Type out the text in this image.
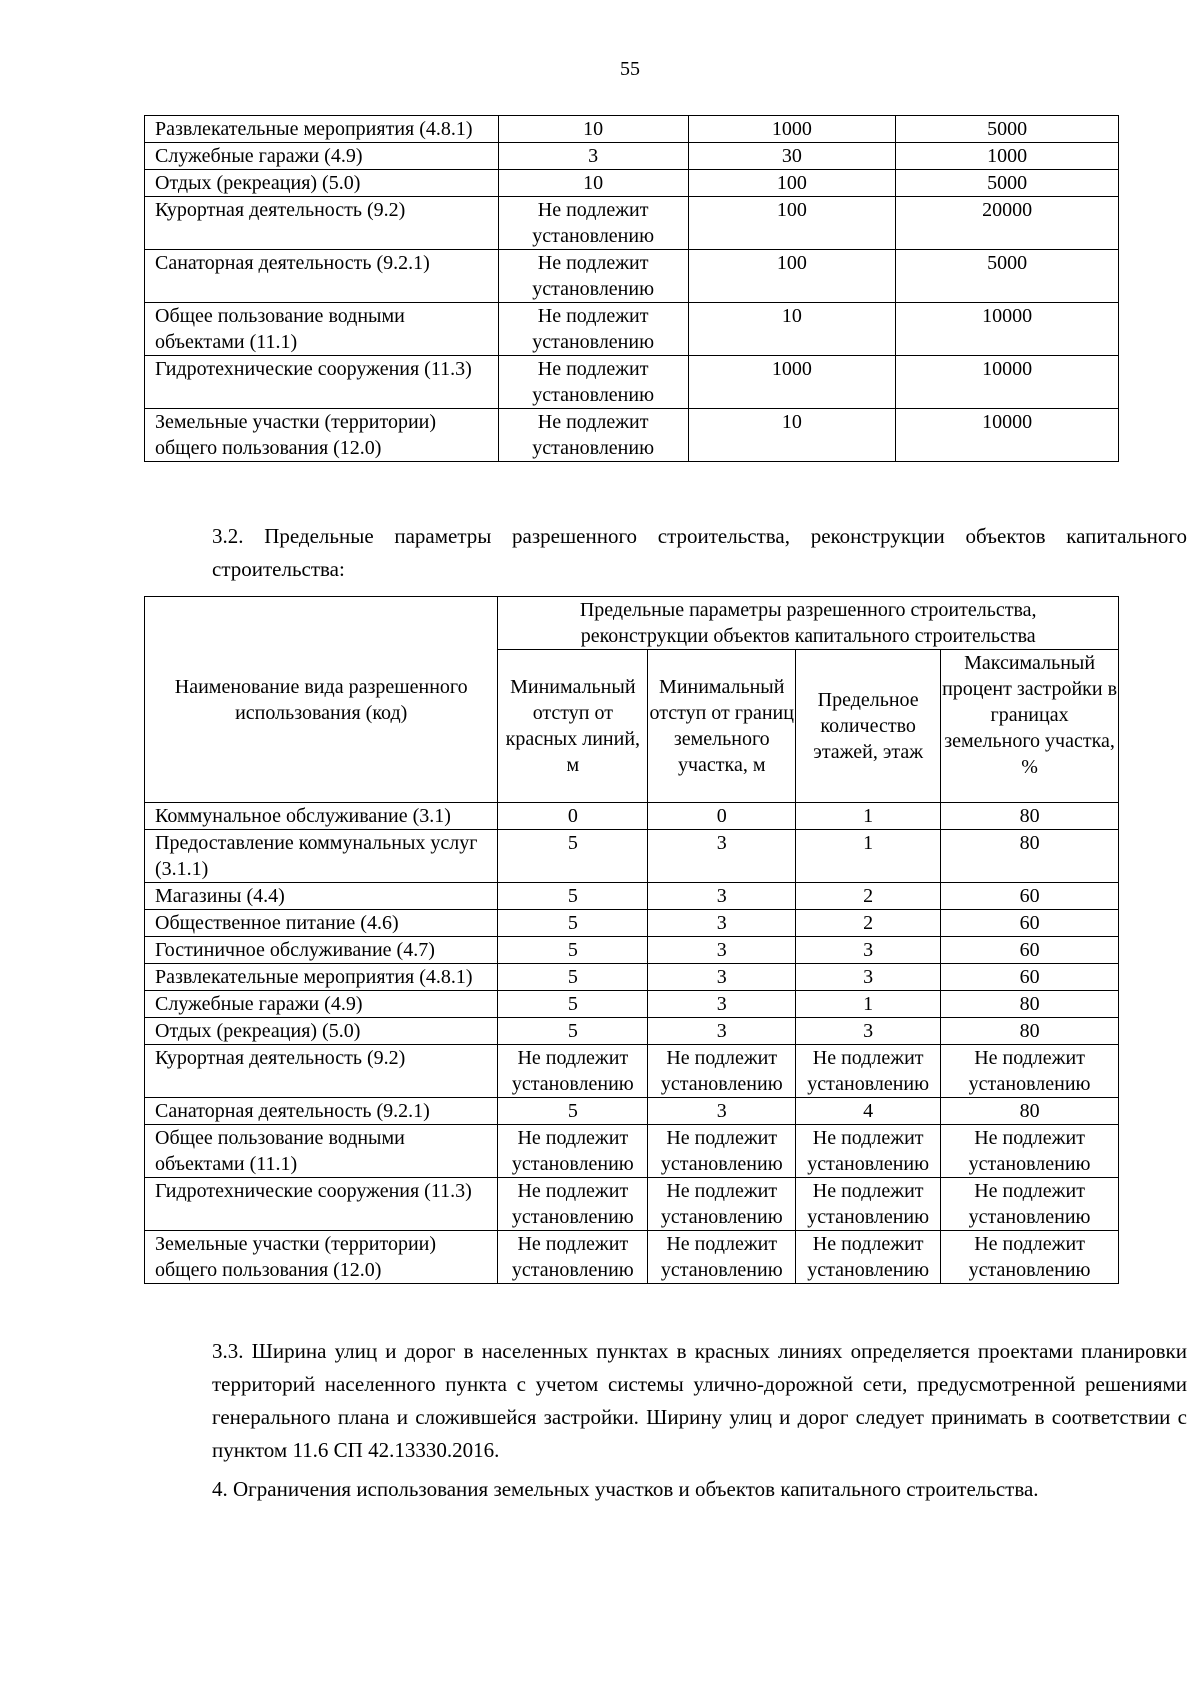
55
Развлекательные мероприятия (4.8.1)	10	1000	5000
Служебные гаражи (4.9)	3	30	1000
Отдых (рекреация) (5.0)	10	100	5000
Курортная деятельность (9.2)	Не подлежит установлению	100	20000
Санаторная деятельность (9.2.1)	Не подлежит установлению	100	5000
Общее пользование водными объектами (11.1)	Не подлежит установлению	10	10000
Гидротехнические сооружения (11.3)	Не подлежит установлению	1000	10000
Земельные участки (территории) общего пользования (12.0)	Не подлежит установлению	10	10000

3.2. Предельные параметры разрешенного строительства, реконструкции объектов капитального строительства:

Наименование вида разрешенного использования (код)	Предельные параметры разрешенного строительства, реконструкции объектов капитального строительства			
	Минимальный отступ от красных линий, м	Минимальный отступ от границ земельного участка, м	Предельное количество этажей, этаж	Максимальный процент застройки в границах земельного участка, %
Коммунальное обслуживание (3.1)	0	0	1	80
Предоставление коммунальных услуг (3.1.1)	5	3	1	80
Магазины (4.4)	5	3	2	60
Общественное питание (4.6)	5	3	2	60
Гостиничное обслуживание (4.7)	5	3	3	60
Развлекательные мероприятия (4.8.1)	5	3	3	60
Служебные гаражи (4.9)	5	3	1	80
Отдых (рекреация) (5.0)	5	3	3	80
Курортная деятельность (9.2)	Не подлежит установлению	Не подлежит установлению	Не подлежит установлению	Не подлежит установлению
Санаторная деятельность (9.2.1)	5	3	4	80
Общее пользование водными объектами (11.1)	Не подлежит установлению	Не подлежит установлению	Не подлежит установлению	Не подлежит установлению
Гидротехнические сооружения (11.3)	Не подлежит установлению	Не подлежит установлению	Не подлежит установлению	Не подлежит установлению
Земельные участки (территории) общего пользования (12.0)	Не подлежит установлению	Не подлежит установлению	Не подлежит установлению	Не подлежит установлению

3.3. Ширина улиц и дорог в населенных пунктах в красных линиях определяется проектами планировки территорий населенного пункта с учетом системы улично-дорожной сети, предусмотренной решениями генерального плана и сложившейся застройки. Ширину улиц и дорог следует принимать в соответствии с пунктом 11.6 СП 42.13330.2016.

4. Ограничения использования земельных участков и объектов капитального строительства.
